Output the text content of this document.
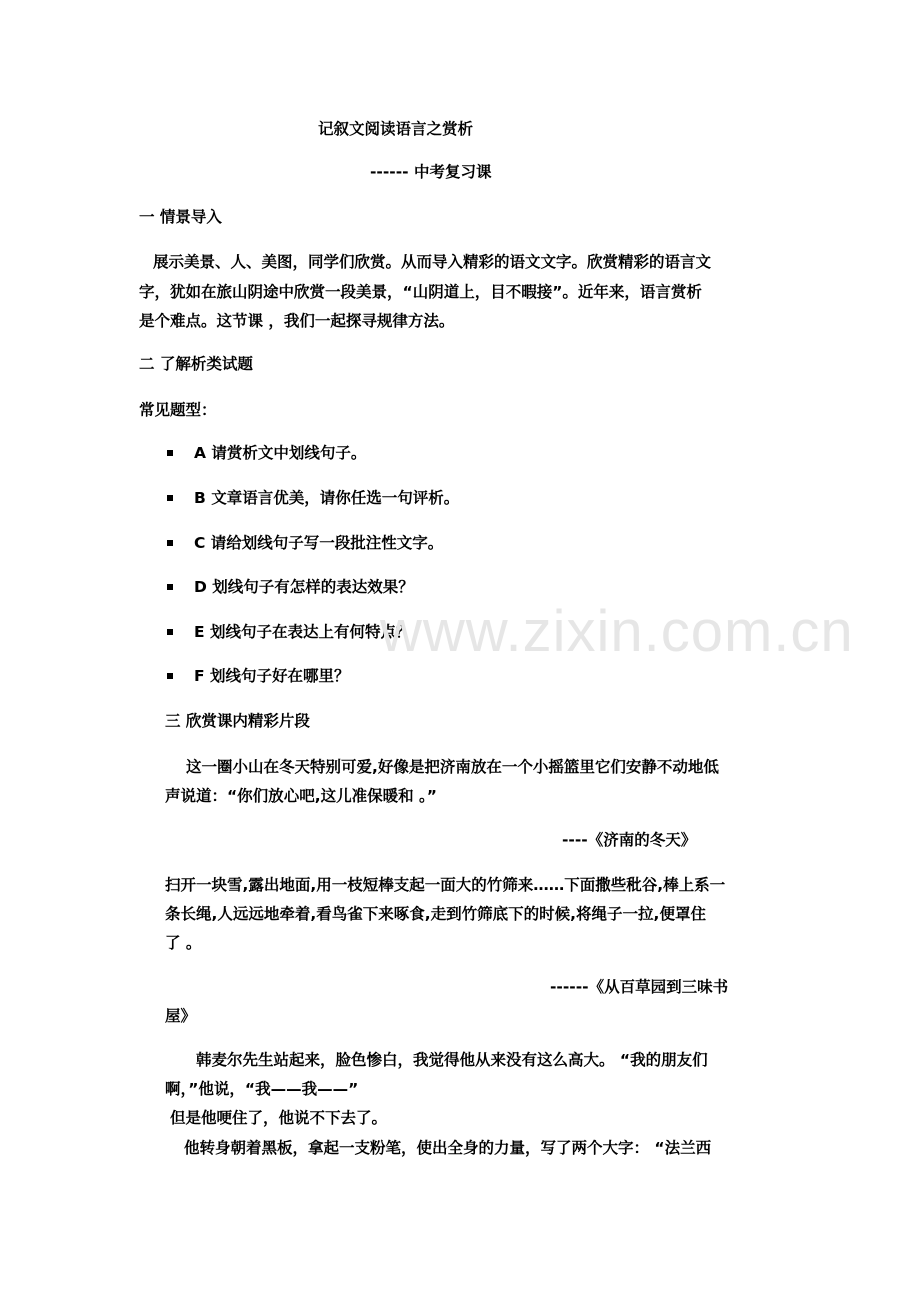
记叙文阅读语言之赏析
------ 中考复习课
一 情景导入
展示美景、人、美图，同学们欣赏。从而导入精彩的语文文字。欣赏精彩的语言文
字，犹如在旅山阴途中欣赏一段美景，“山阴道上，目不暇接”。近年来，语言赏析
是个难点。这节课 ，我们一起探寻规律方法。
二 了解析类试题
常见题型：
A 请赏析文中划线句子。
B 文章语言优美，请你任选一句评析。
C 请给划线句子写一段批注性文字。
D 划线句子有怎样的表达效果？
E 划线句子在表达上有何特点？
F 划线句子好在哪里？
三 欣赏课内精彩片段
这一圈小山在冬天特别可爱,好像是把济南放在一个小摇篮里它们安静不动地低
声说道：“你们放心吧,这儿准保暖和 。”
----《济南的冬天》
扫开一块雪,露出地面,用一枝短棒支起一面大的竹筛来……下面撒些秕谷,棒上系一
条长绳,人远远地牵着,看鸟雀下来啄食,走到竹筛底下的时候,将绳子一拉,便罩住
了 。
------《从百草园到三味书
屋》
韩麦尔先生站起来，脸色惨白，我觉得他从来没有这么高大。 “我的朋友们
啊，”他说，“我——我——”
但是他哽住了，他说不下去了。
他转身朝着黑板，拿起一支粉笔，使出全身的力量，写了两个大字： “法兰西
www.zixin.com.cn
